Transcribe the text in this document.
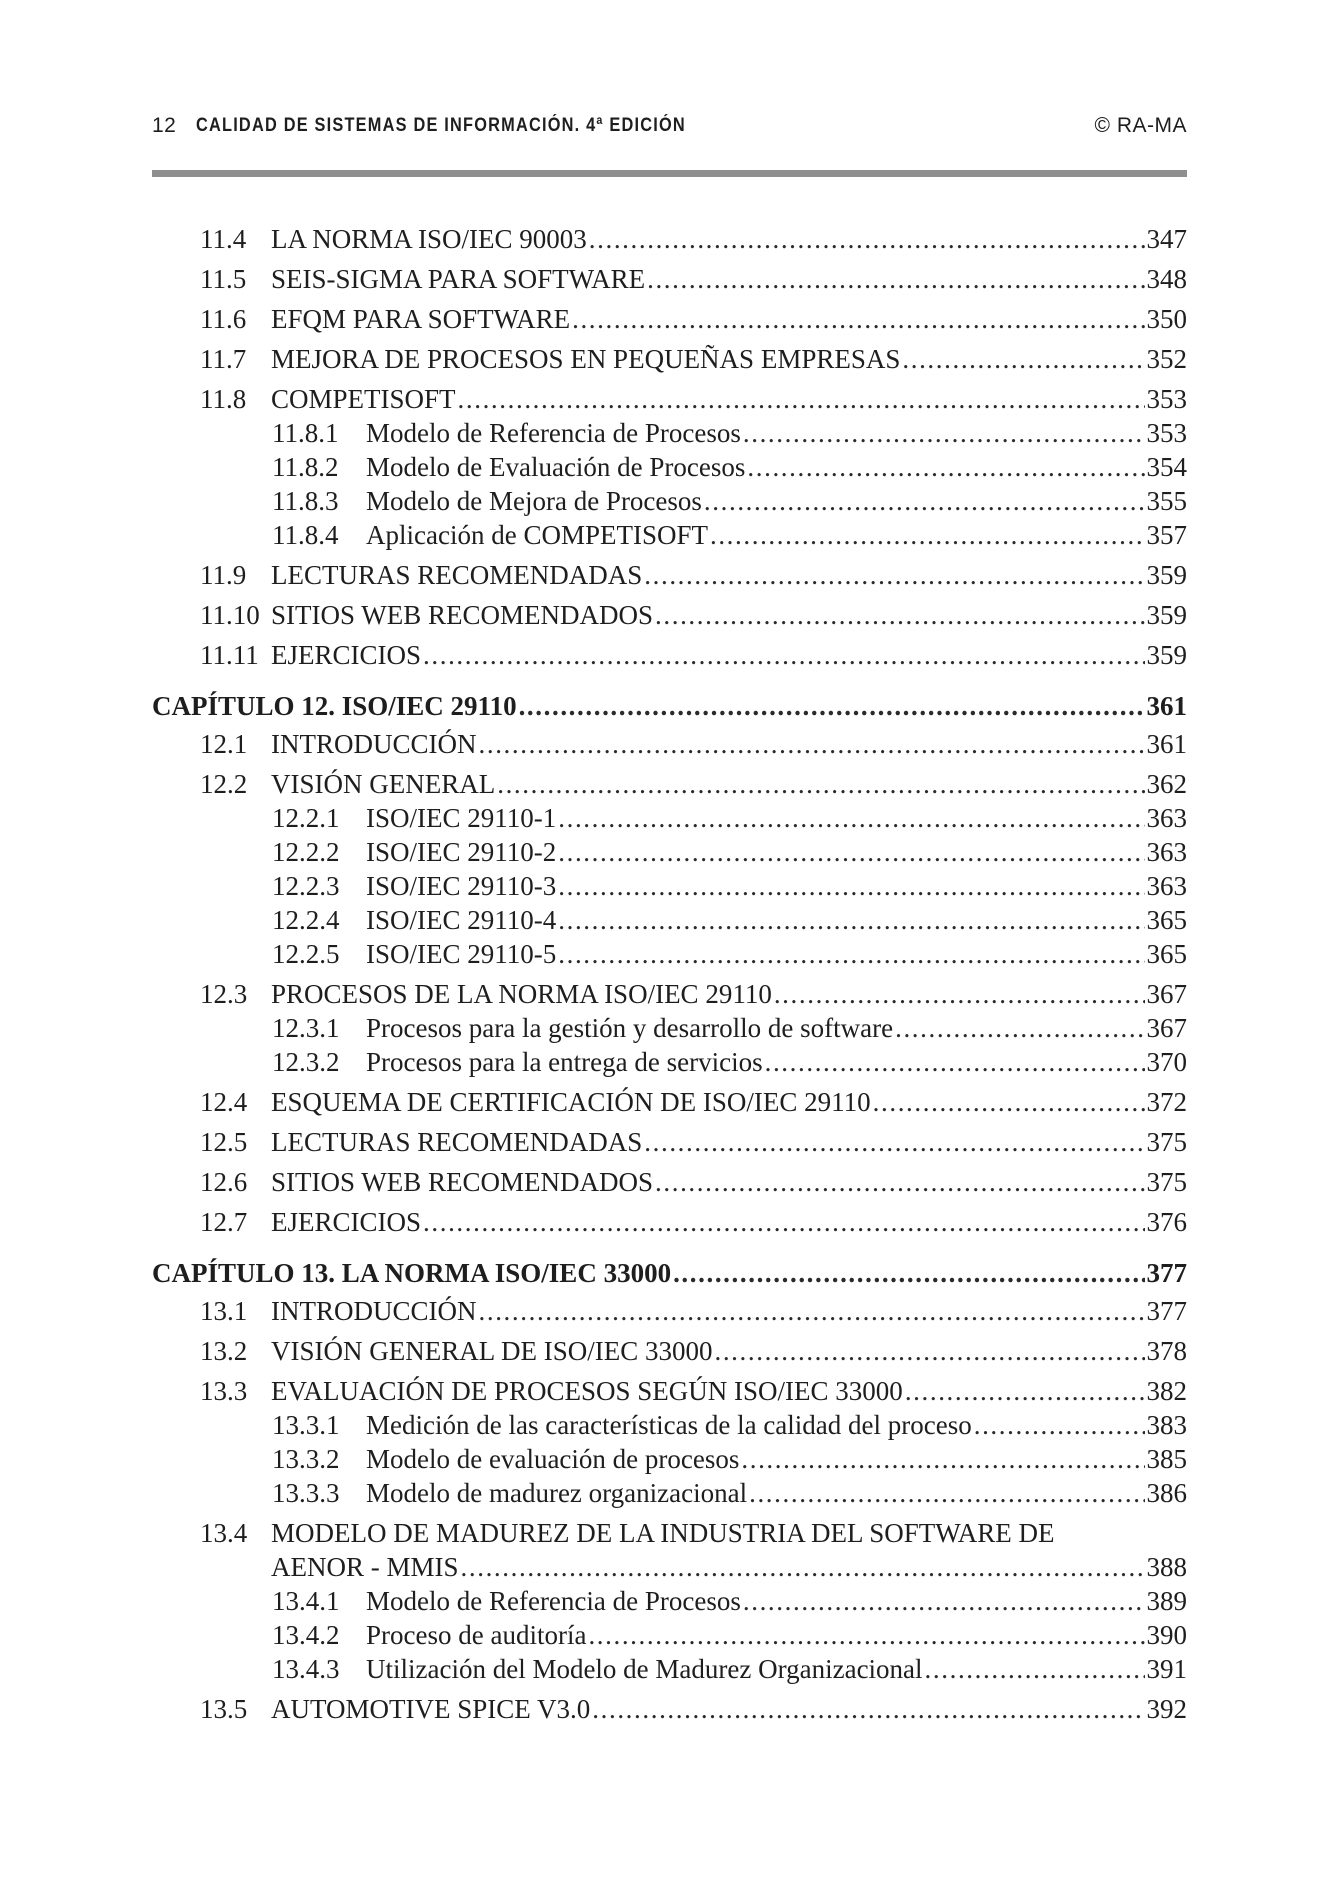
12 CALIDAD DE SISTEMAS DE INFORMACIÓN. 4ª EDICIÓN	© RA-MA
11.4 LA NORMA ISO/IEC 90003 .....	347
11.5 SEIS-SIGMA PARA SOFTWARE .....	348
11.6 EFQM PARA SOFTWARE .....	350
11.7 MEJORA DE PROCESOS EN PEQUEÑAS EMPRESAS .....	352
11.8 COMPETISOFT .....	353
11.8.1	Modelo de Referencia de Procesos .....	353
11.8.2	Modelo de Evaluación de Procesos .....	354
11.8.3	Modelo de Mejora de Procesos .....	355
11.8.4	Aplicación de COMPETISOFT .....	357
11.9 LECTURAS RECOMENDADAS .....	359
11.10 SITIOS WEB RECOMENDADOS .....	359
11.11 EJERCICIOS .....	359
CAPÍTULO 12. ISO/IEC 29110 .....	361
12.1 INTRODUCCIÓN .....	361
12.2 VISIÓN GENERAL .....	362
12.2.1 ISO/IEC 29110-1 .....	363
12.2.2 ISO/IEC 29110-2 .....	363
12.2.3 ISO/IEC 29110-3 .....	363
12.2.4 ISO/IEC 29110-4 .....	365
12.2.5 ISO/IEC 29110-5 .....	365
12.3 PROCESOS DE LA NORMA ISO/IEC 29110 .....	367
12.3.1 Procesos para la gestión y desarrollo de software .....	367
12.3.2 Procesos para la entrega de servicios .....	370
12.4 ESQUEMA DE CERTIFICACIÓN DE ISO/IEC 29110 .....	372
12.5 LECTURAS RECOMENDADAS .....	375
12.6 SITIOS WEB RECOMENDADOS .....	375
12.7 EJERCICIOS .....	376
CAPÍTULO 13. LA NORMA ISO/IEC 33000 .....	377
13.1 INTRODUCCIÓN .....	377
13.2 VISIÓN GENERAL DE ISO/IEC 33000 .....	378
13.3 EVALUACIÓN DE PROCESOS SEGÚN ISO/IEC 33000 .....	382
13.3.1 Medición de las características de la calidad del proceso .....	383
13.3.2 Modelo de evaluación de procesos .....	385
13.3.3 Modelo de madurez organizacional .....	386
13.4 MODELO DE MADUREZ DE LA INDUSTRIA DEL SOFTWARE DE
AENOR - MMIS .....	388
13.4.1 Modelo de Referencia de Procesos .....	389
13.4.2 Proceso de auditoría .....	390
13.4.3 Utilización del Modelo de Madurez Organizacional .....	391
13.5 AUTOMOTIVE SPICE V3.0 .....	392
